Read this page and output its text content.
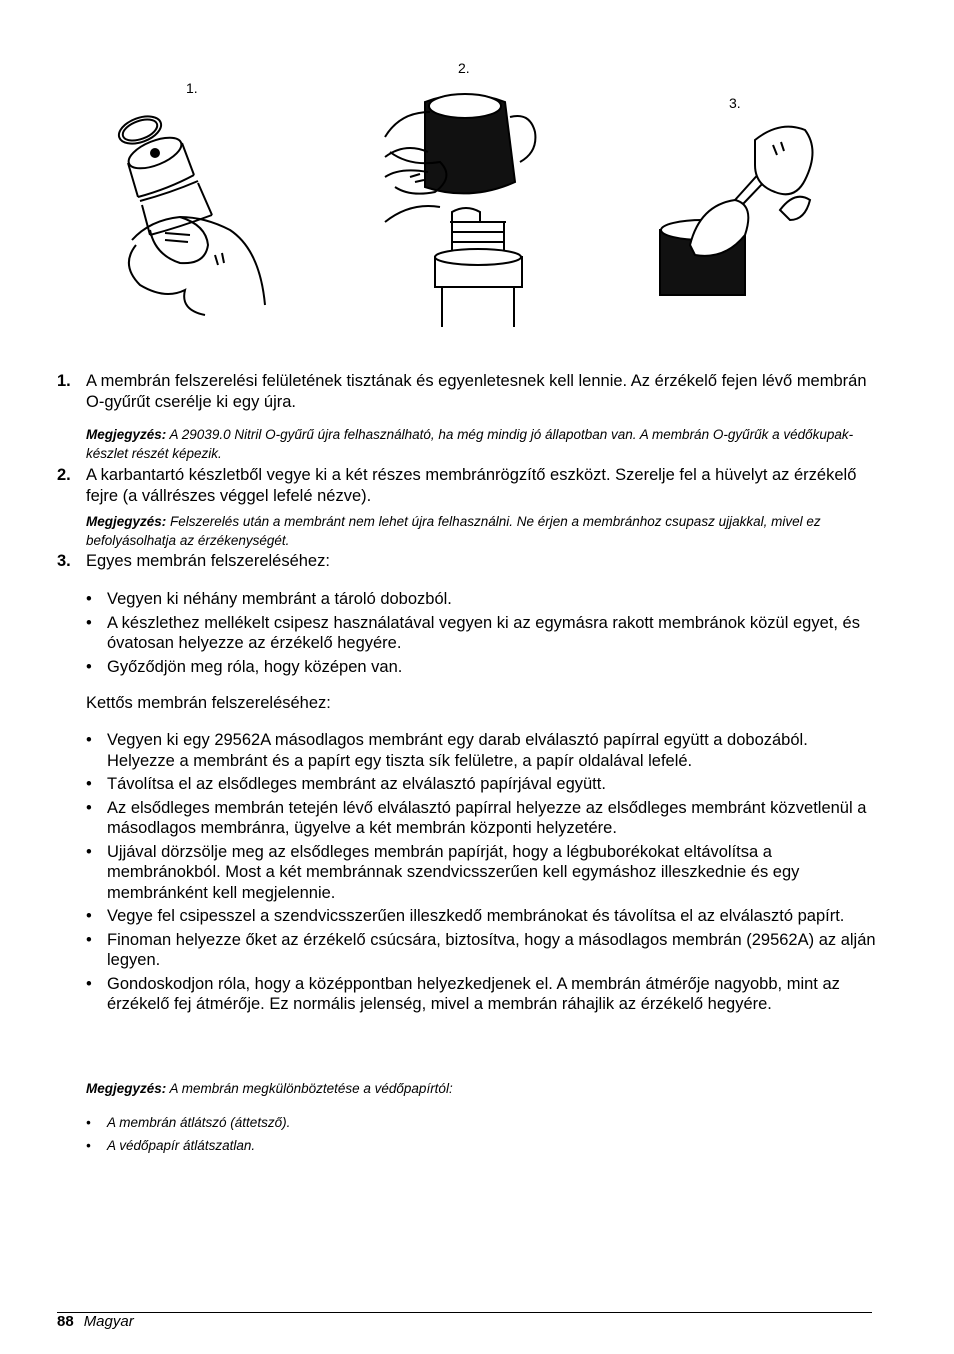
1.
2.
3.
1. A membrán felszerelési felületének tisztának és egyenletesnek kell lennie. Az érzékelő fejen lévő membrán O-gyűrűt cserélje ki egy újra.
Megjegyzés: A 29039.0 Nitril O-gyűrű újra felhasználható, ha még mindig jó állapotban van. A membrán O-gyűrűk a védőkupak-készlet részét képezik.
2. A karbantartó készletből vegye ki a két részes membránrögzítő eszközt. Szerelje fel a hüvelyt az érzékelő fejre (a vállrészes véggel lefelé nézve).
Megjegyzés: Felszerelés után a membránt nem lehet újra felhasználni. Ne érjen a membránhoz csupasz ujjakkal, mivel ez befolyásolhatja az érzékenységét.
3. Egyes membrán felszereléséhez:
• Vegyen ki néhány membránt a tároló dobozból.
• A készlethez mellékelt csipesz használatával vegyen ki az egymásra rakott membránok közül egyet, és óvatosan helyezze az érzékelő hegyére.
• Győződjön meg róla, hogy középen van.
Kettős membrán felszereléséhez:
• Vegyen ki egy 29562A másodlagos membránt egy darab elválasztó papírral együtt a dobozából. Helyezze a membránt és a papírt egy tiszta sík felületre, a papír oldalával lefelé.
• Távolítsa el az elsődleges membránt az elválasztó papírjával együtt.
• Az elsődleges membrán tetején lévő elválasztó papírral helyezze az elsődleges membránt közvetlenül a másodlagos membránra, ügyelve a két membrán központi helyzetére.
• Ujjával dörzsölje meg az elsődleges membrán papírját, hogy a légbuborékokat eltávolítsa a membránokból. Most a két membránnak szendvicsszerűen kell egymáshoz illeszkednie és egy membránként kell megjelennie.
• Vegye fel csipesszel a szendvicsszerűen illeszkedő membránokat és távolítsa el az elválasztó papírt.
• Finoman helyezze őket az érzékelő csúcsára, biztosítva, hogy a másodlagos membrán (29562A) az alján legyen.
• Gondoskodjon róla, hogy a középpontban helyezkedjenek el. A membrán átmérője nagyobb, mint az érzékelő fej átmérője. Ez normális jelenség, mivel a membrán ráhajlik az érzékelő hegyére.
Megjegyzés: A membrán megkülönböztetése a védőpapírtól:
• A membrán átlátszó (áttetsző).
• A védőpapír átlátszatlan.
88 Magyar
